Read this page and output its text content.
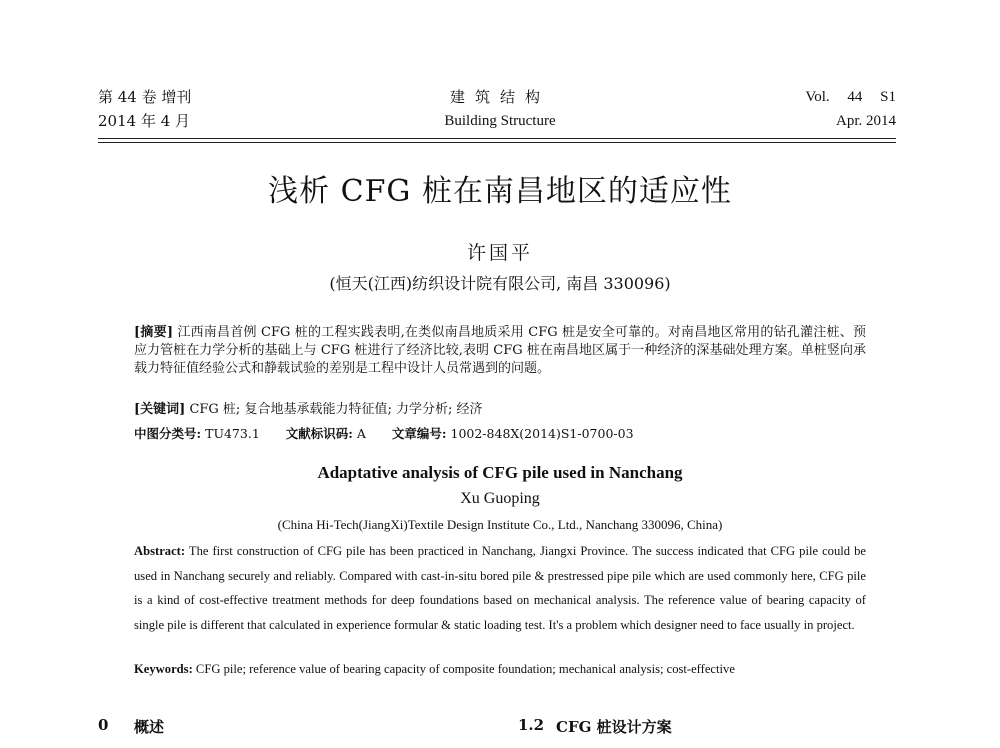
第 44 卷 增刊
2014 年 4 月
建筑结构
Building Structure
Vol. 44 S1
Apr. 2014
浅析 CFG 桩在南昌地区的适应性
许国平
(恒天(江西)纺织设计院有限公司, 南昌 330096)
[摘要] 江西南昌首例 CFG 桩的工程实践表明,在类似南昌地质采用 CFG 桩是安全可靠的。对南昌地区常用的钻孔灌注桩、预应力管桩在力学分析的基础上与 CFG 桩进行了经济比较,表明 CFG 桩在南昌地区属于一种经济的深基础处理方案。单桩竖向承载力特征值经验公式和静载试验的差别是工程中设计人员常遇到的问题。
[关键词] CFG 桩; 复合地基承载能力特征值; 力学分析; 经济
中图分类号: TU473.1 文献标识码: A 文章编号: 1002-848X(2014)S1-0700-03
Adaptative analysis of CFG pile used in Nanchang
Xu Guoping
(China Hi-Tech(JiangXi)Textile Design Institute Co., Ltd., Nanchang 330096, China)
Abstract: The first construction of CFG pile has been practiced in Nanchang, Jiangxi Province. The success indicated that CFG pile could be used in Nanchang securely and reliably. Compared with cast-in-situ bored pile & prestressed pipe pile which are used commonly here, CFG pile is a kind of cost-effective treatment methods for deep foundations based on mechanical analysis. The reference value of bearing capacity of single pile is different that calculated in experience formular & static loading test. It's a problem which designer need to face usually in project.
Keywords: CFG pile; reference value of bearing capacity of composite foundation; mechanical analysis; cost-effective
0 概述	1.2 CFG 桩设计方案
